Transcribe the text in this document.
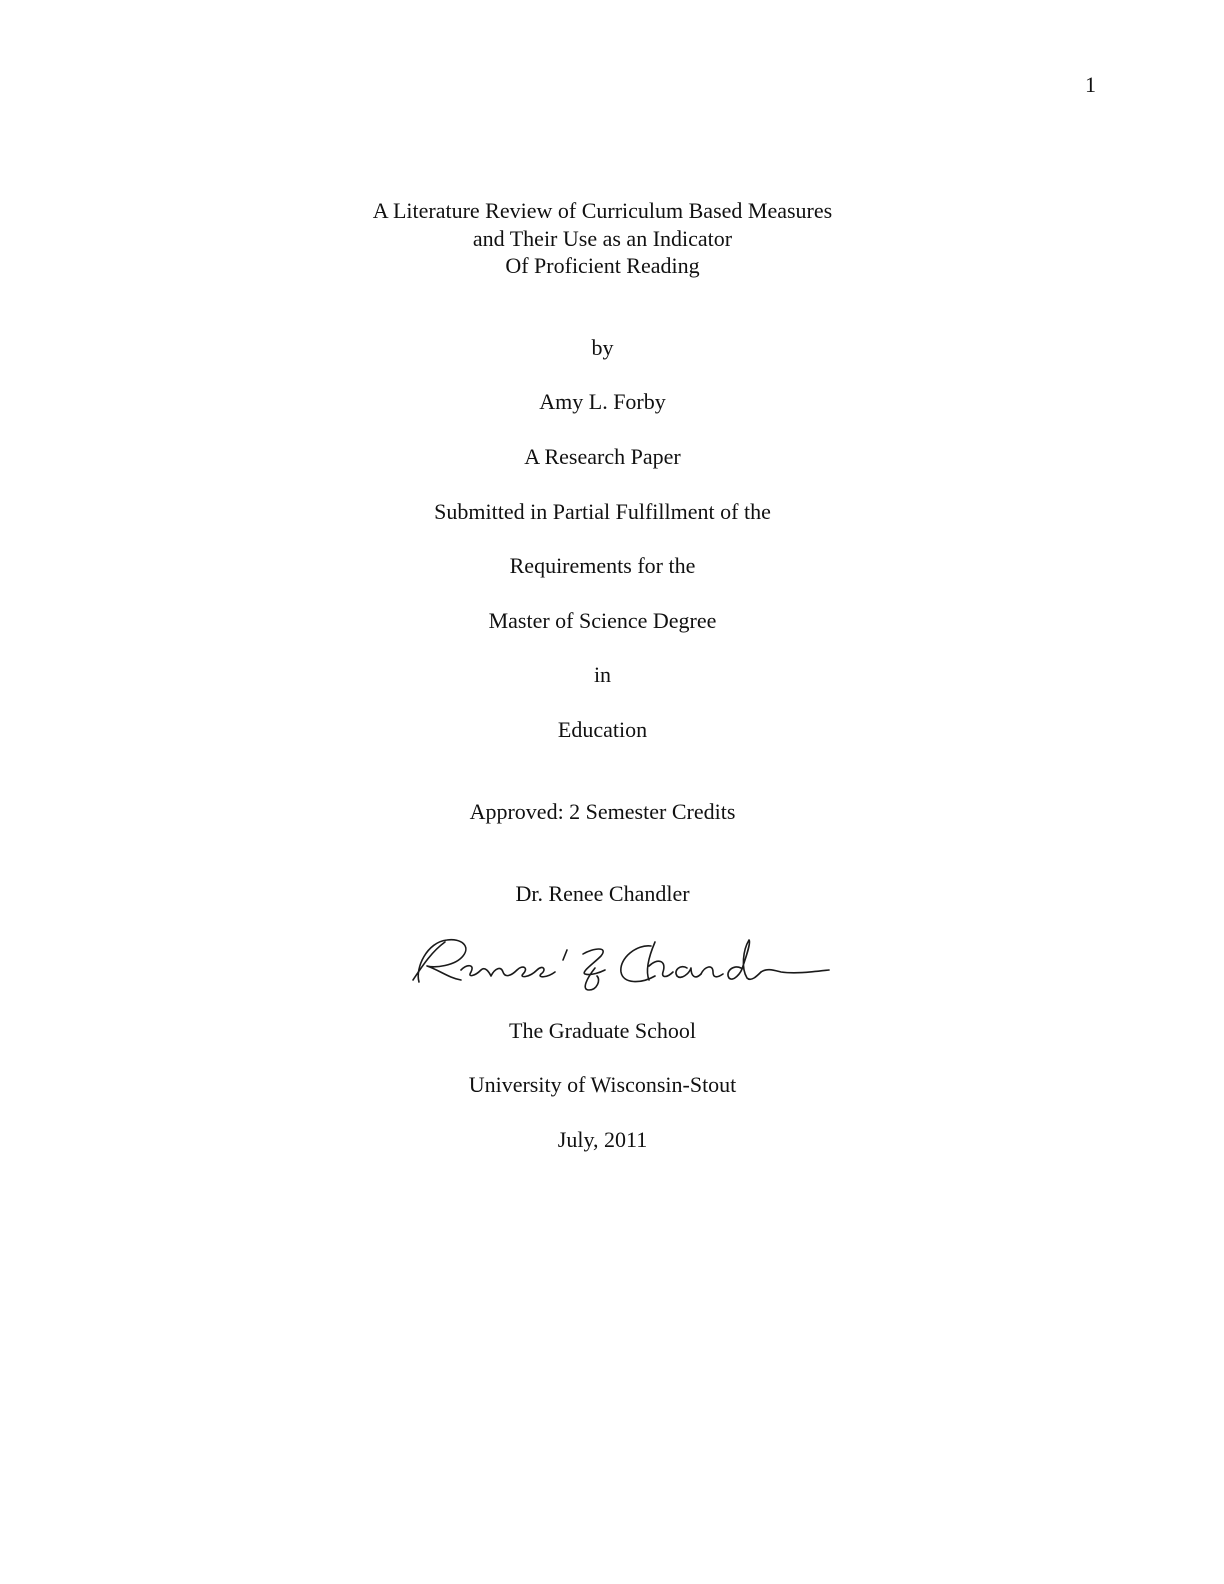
1
A Literature Review of Curriculum Based Measures
and Their Use as an Indicator
Of Proficient Reading
by
Amy L. Forby
A Research Paper
Submitted in Partial Fulfillment of the
Requirements for the
Master of Science Degree
in
Education
Approved: 2 Semester Credits
Dr. Renee Chandler
The Graduate School
University of Wisconsin-Stout
July, 2011
